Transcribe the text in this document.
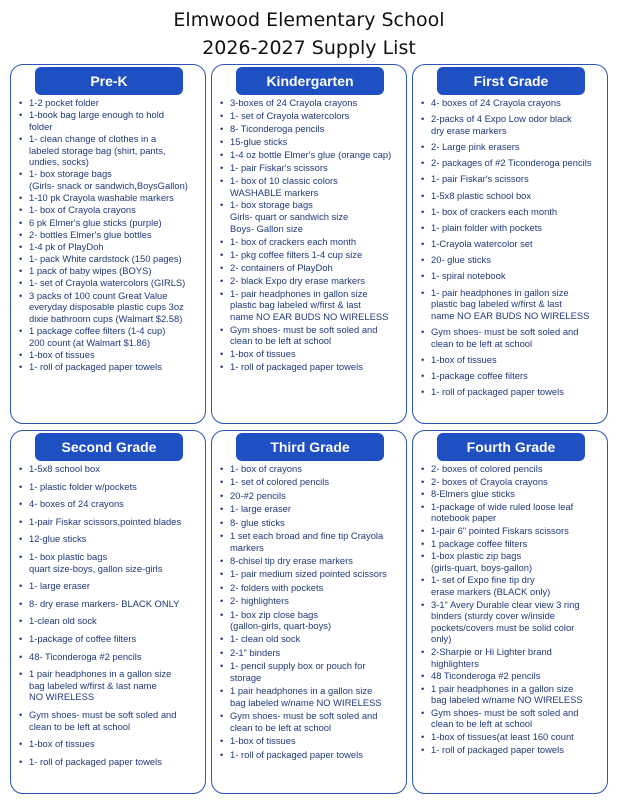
Elmwood Elementary School
2026-2027 Supply List
Pre-K
• 1-2 pocket folder
• 1-book bag large enough to hold
folder
• 1- clean change of clothes in a
labeled storage bag (shirt, pants,
undies, socks)
• 1- box storage bags
(Girls- snack or sandwich,BoysGallon)
• 1-10 pk Crayola washable markers
• 1- box of Crayola crayons
• 6 pk Elmer's glue sticks (purple)
• 2- bottles Elmer's glue bottles
• 1-4 pk of PlayDoh
• 1- pack White cardstock (150 pages)
• 1 pack of baby wipes (BOYS)
• 1- set of Crayola watercolors (GIRLS)
• 3 packs of 100 count Great Value
everyday disposable plastic cups 3oz
dixie bathroom cups (Walmart $2.58)
• 1 package coffee filters (1-4 cup)
200 count (at Walmart $1.86)
• 1-box of tissues
• 1- roll of packaged paper towels
Kindergarten
• 3-boxes of 24 Crayola crayons
• 1- set of Crayola watercolors
• 8- Ticonderoga pencils
• 15-glue sticks
• 1-4 oz bottle Elmer's glue (orange cap)
• 1- pair Fiskar's scissors
• 1- box of 10 classic colors
WASHABLE markers
• 1- box storage bags
Girls- quart or sandwich size
Boys- Gallon size
• 1- box of crackers each month
• 1- pkg coffee filters 1-4 cup size
• 2- containers of PlayDoh
• 2- black Expo dry erase markers
• 1- pair headphones in gallon size
plastic bag labeled w/first & last
name NO EAR BUDS NO WIRELESS
• Gym shoes- must be soft soled and
clean to be left at school
• 1-box of tissues
• 1- roll of packaged paper towels
First Grade
• 4- boxes of 24 Crayola crayons
• 2-packs of 4 Expo Low odor black
dry erase markers
• 2- Large pink erasers
• 2- packages of #2 Ticonderoga pencils
• 1- pair Fiskar's scissors
• 1-5x8 plastic school box
• 1- box of crackers each month
• 1- plain folder with pockets
• 1-Crayola watercolor set
• 20- glue sticks
• 1- spiral notebook
• 1- pair headphones in gallon size
plastic bag labeled w/first & last
name NO EAR BUDS NO WIRELESS
• Gym shoes- must be soft soled and
clean to be left at school
• 1-box of tissues
• 1-package coffee filters
• 1- roll of packaged paper towels
Second Grade
• 1-5x8 school box
• 1- plastic folder w/pockets
• 4- boxes of 24 crayons
• 1-pair Fiskar scissors,pointed blades
• 12-glue sticks
• 1- box plastic bags
quart size-boys, gallon size-girls
• 1- large eraser
• 8- dry erase markers- BLACK ONLY
• 1-clean old sock
• 1-package of coffee filters
• 48- Ticonderoga #2 pencils
• 1 pair headphones in a gallon size
bag labeled w/first & last name
NO WIRELESS
• Gym shoes- must be soft soled and
clean to be left at school
• 1-box of tissues
• 1- roll of packaged paper towels
Third Grade
• 1- box of crayons
• 1- set of colored pencils
• 20-#2 pencils
• 1- large eraser
• 8- glue sticks
• 1 set each broad and fine tip Crayola
markers
• 8-chisel tip dry erase markers
• 1- pair medium sized pointed scissors
• 2- folders with pockets
• 2- highlighters
• 1- box zip close bags
(gallon-girls, quart-boys)
• 1- clean old sock
• 2-1" binders
• 1- pencil supply box or pouch for
storage
• 1 pair headphones in a gallon size
bag labeled w/name NO WIRELESS
• Gym shoes- must be soft soled and
clean to be left at school
• 1-box of tissues
• 1- roll of packaged paper towels
Fourth Grade
• 2- boxes of colored pencils
• 2- boxes of Crayola crayons
• 8-Elmers glue sticks
• 1-package of wide ruled loose leaf
notebook paper
• 1-pair 6" pointed Fiskars scissors
• 1 package coffee filters
• 1-box plastic zip bags
(girls-quart, boys-gallon)
• 1- set of Expo fine tip dry
erase markers (BLACK only)
• 3-1" Avery Durable clear view 3 ring
binders (sturdy cover w/inside
pockets/covers must be solid color
only)
• 2-Sharpie or Hi Lighter brand
highlighters
• 48 Ticonderoga #2 pencils
• 1 pair headphones in a gallon size
bag labeled w/name NO WIRELESS
• Gym shoes- must be soft soled and
clean to be left at school
• 1-box of tissues(at least 160 count
• 1- roll of packaged paper towels
